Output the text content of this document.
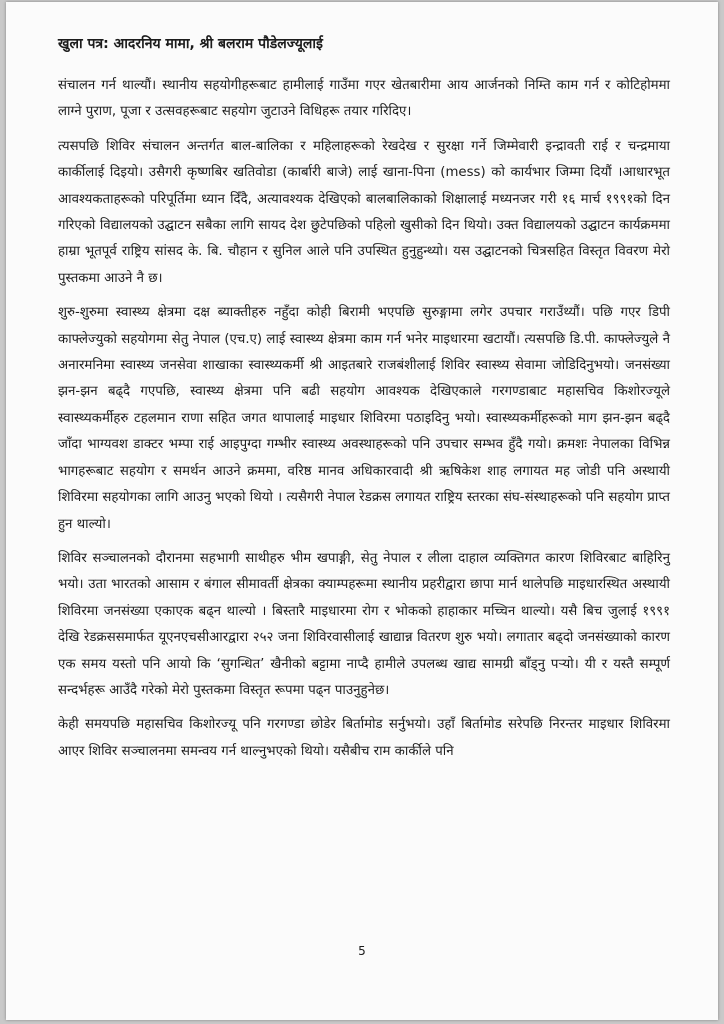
खुला पत्र: आदरनिय मामा, श्री बलराम पौडेलज्यूलाई

संचालन गर्न थाल्यौं। स्थानीय सहयोगीहरूबाट हामीलाई गाउँमा गएर खेतबारीमा आय आर्जनको निम्ति काम गर्न र कोटिहोममा लाग्ने पुराण, पूजा र उत्सवहरूबाट सहयोग जुटाउने विधिहरू तयार गरिदिए।

त्यसपछि शिविर संचालन अन्तर्गत बाल-बालिका र महिलाहरूको रेखदेख र सुरक्षा गर्ने जिम्मेवारी इन्द्रावती राई र चन्द्रमाया कार्कीलाई दिइयो। उसैगरी कृष्णबिर खतिवोडा (कार्बारी बाजे) लाई खाना-पिना (mess) को कार्यभार जिम्मा दियौं ।आधारभूत आवश्यकताहरूको परिपूर्तिमा ध्यान दिँदै, अत्यावश्यक देखिएको बालबालिकाको शिक्षालाई मध्यनजर गरी १६ मार्च १९९१को दिन गरिएको विद्यालयको उद्घाटन सबैका लागि सायद देश छुटेपछिको पहिलो खुसीको दिन थियो। उक्त विद्यालयको उद्घाटन कार्यक्रममा हाम्रा भूतपूर्व राष्ट्रिय सांसद के. बि. चौहान र सुनिल आले पनि उपस्थित हुनुहुन्थ्यो। यस उद्घाटनको चित्रसहित विस्तृत विवरण मेरो पुस्तकमा आउने नै छ।

शुरु-शुरुमा स्वास्थ्य क्षेत्रमा दक्ष ब्याक्तीहरु नहुँदा कोही बिरामी भएपछि सुरुङ्गामा लगेर उपचार गराउँथ्यौं। पछि गएर डिपी काफ्लेज्युको सहयोगमा सेतु नेपाल (एच.ए) लाई स्वास्थ्य क्षेत्रमा काम गर्न भनेर माइधारमा खटायौं। त्यसपछि डि.पी. काफ्लेज्युले नै अनारमनिमा स्वास्थ्य जनसेवा शाखाका स्वास्थ्यकर्मी श्री आइतबारे राजबंशीलाई शिविर स्वास्थ्य सेवामा जोडिदिनुभयो। जनसंख्या झन-झन बढ्दै गएपछि, स्वास्थ्य क्षेत्रमा पनि बढी सहयोग आवश्यक देखिएकाले गरगण्डाबाट महासचिव किशोरज्यूले स्वास्थ्यकर्मीहरु टहलमान राणा सहित जगत थापालाई माइधार शिविरमा पठाइदिनु भयो। स्वास्थ्यकर्मीहरूको माग झन-झन बढ्दै जाँदा भाग्यवश डाक्टर भम्पा राई आइपुग्दा गम्भीर स्वास्थ्य अवस्थाहरूको पनि उपचार सम्भव हुँदै गयो। क्रमशः नेपालका विभिन्न भागहरूबाट सहयोग र समर्थन आउने क्रममा, वरिष्ठ मानव अधिकारवादी श्री ऋषिकेश शाह लगायत मह जोडी पनि अस्थायी शिविरमा सहयोगका लागि आउनु भएको थियो । त्यसैगरी नेपाल रेडक्रस लगायत राष्ट्रिय स्तरका संघ-संस्थाहरूको पनि सहयोग प्राप्त हुन थाल्यो।

शिविर सञ्चालनको दौरानमा सहभागी साथीहरु भीम खपाङ्गी, सेतु नेपाल र लीला दाहाल व्यक्तिगत कारण शिविरबाट बाहिरिनु भयो। उता भारतको आसाम र बंगाल सीमावर्ती क्षेत्रका क्याम्पहरूमा स्थानीय प्रहरीद्वारा छापा मार्न थालेपछि माइधारस्थित अस्थायी शिविरमा जनसंख्या एकाएक बढ्न थाल्यो । बिस्तारै माइधारमा रोग र भोकको हाहाकार मच्चिन थाल्यो। यसै बिच जुलाई १९९१ देखि रेडक्रससमार्फत यूएनएचसीआरद्वारा २५२ जना शिविरवासीलाई खाद्यान्न वितरण शुरु भयो। लगातार बढ्दो जनसंख्याको कारण एक समय यस्तो पनि आयो कि ‘सुगन्धित’ खैनीको बट्टामा नाप्दै हामीले उपलब्ध खाद्य सामग्री बाँड्नु पर्‍यो। यी र यस्तै सम्पूर्ण सन्दर्भहरू आउँदै गरेको मेरो पुस्तकमा विस्तृत रूपमा पढ्न पाउनुहुनेछ।

केही समयपछि महासचिव किशोरज्यू पनि गरगण्डा छोडेर बिर्तामोड सर्नुभयो। उहाँ बिर्तामोड सरेपछि निरन्तर माइधार शिविरमा आएर शिविर सञ्चालनमा समन्वय गर्न थाल्नुभएको थियो। यसैबीच राम कार्कीले पनि

5
